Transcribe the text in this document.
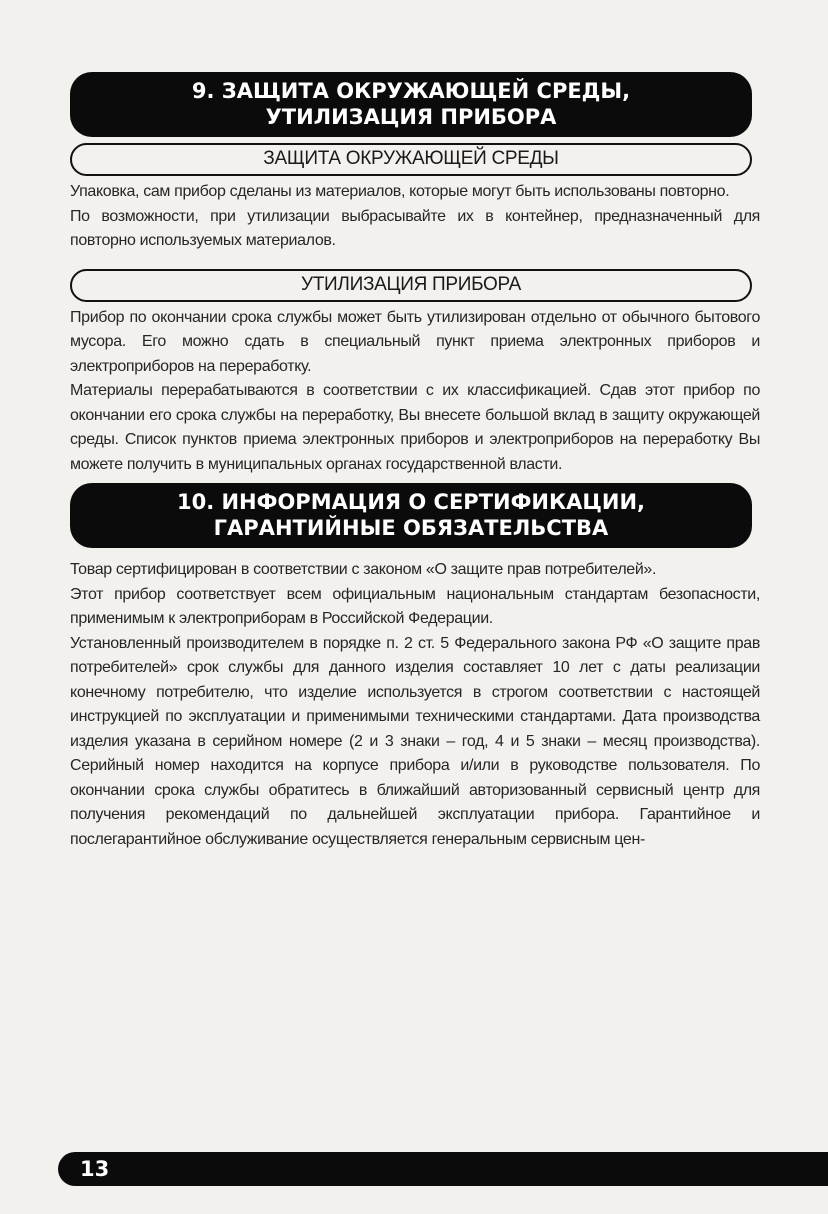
9. ЗАЩИТА ОКРУЖАЮЩЕЙ СРЕДЫ,
УТИЛИЗАЦИЯ ПРИБОРА
ЗАЩИТА ОКРУЖАЮЩЕЙ СРЕДЫ

Упаковка, сам прибор сделаны из материалов, которые могут быть использованы повторно.

По возможности, при утилизации выбрасывайте их в контейнер, предназначенный для повторно используемых материалов.

УТИЛИЗАЦИЯ ПРИБОРА

Прибор по окончании срока службы может быть утилизирован отдельно от обычного бытового мусора. Его можно сдать в специальный пункт приема электронных приборов и электроприборов на переработку.

Материалы перерабатываются в соответствии с их классификацией. Сдав этот прибор по окончании его срока службы на переработку, Вы внесете большой вклад в защиту окружающей среды. Список пунктов приема электронных приборов и электроприборов на переработку Вы можете получить в муниципальных органах государственной власти.

10. ИНФОРМАЦИЯ О СЕРТИФИКАЦИИ,
ГАРАНТИЙНЫЕ ОБЯЗАТЕЛЬСТВА

Товар сертифицирован в соответствии с законом «О защите прав потребителей».

Этот прибор соответствует всем официальным национальным стандартам безопасности, применимым к электроприборам в Российской Федерации.

Установленный производителем в порядке п. 2 ст. 5 Федерального закона РФ «О защите прав потребителей» срок службы для данного изделия составляет 10 лет с даты реализации конечному потребителю, что изделие используется в строгом соответствии с настоящей инструкцией по эксплуатации и применимыми техническими стандартами. Дата производства изделия указана в серийном номере (2 и 3 знаки – год, 4 и 5 знаки – месяц производства). Серийный номер находится на корпусе прибора и/или в руководстве пользователя. По окончании срока службы обратитесь в ближайший авторизованный сервисный центр для получения рекомендаций по дальнейшей эксплуатации прибора. Гарантийное и послегарантийное обслуживание осуществляется генеральным сервисным цен-

13
